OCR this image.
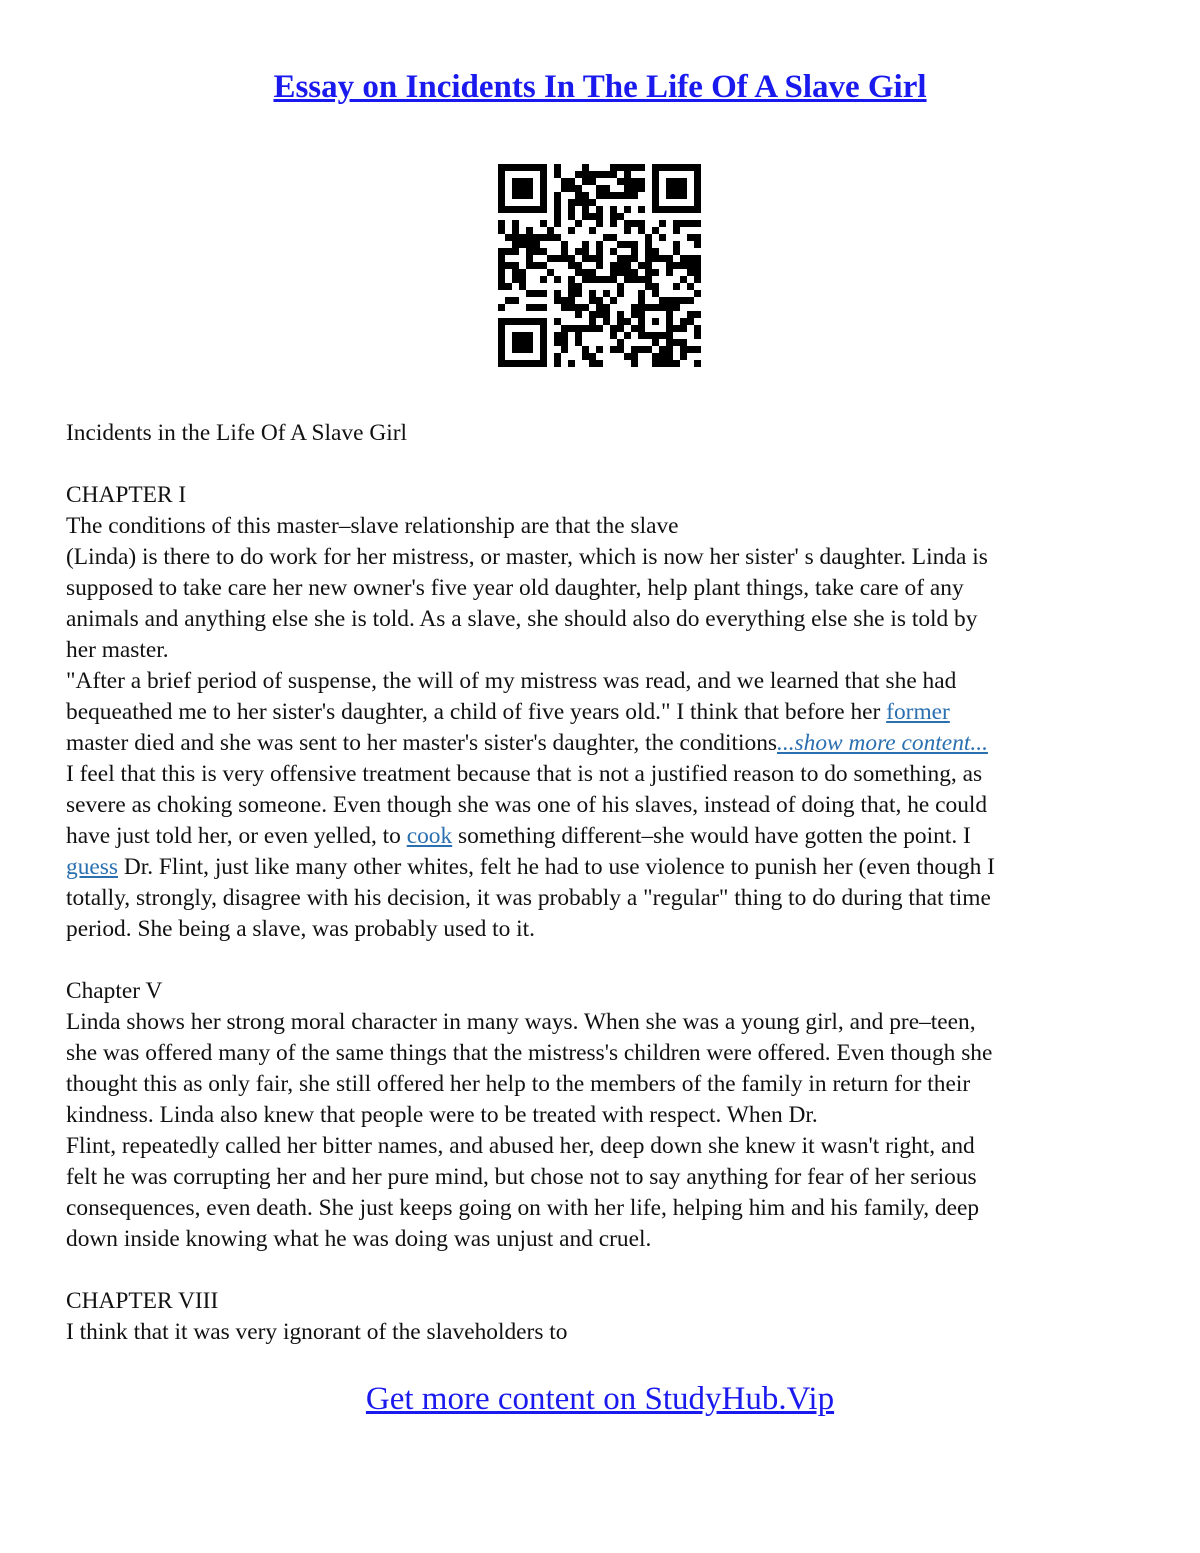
Essay on Incidents In The Life Of A Slave Girl
Incidents in the Life Of A Slave Girl
CHAPTER I
The conditions of this master–slave relationship are that the slave
(Linda) is there to do work for her mistress, or master, which is now her sister' s daughter. Linda is
supposed to take care her new owner's five year old daughter, help plant things, take care of any
animals and anything else she is told. As a slave, she should also do everything else she is told by
her master.
"After a brief period of suspense, the will of my mistress was read, and we learned that she had
bequeathed me to her sister's daughter, a child of five years old." I think that before her former
master died and she was sent to her master's sister's daughter, the conditions...show more content...
I feel that this is very offensive treatment because that is not a justified reason to do something, as
severe as choking someone. Even though she was one of his slaves, instead of doing that, he could
have just told her, or even yelled, to cook something different–she would have gotten the point. I
guess Dr. Flint, just like many other whites, felt he had to use violence to punish her (even though I
totally, strongly, disagree with his decision, it was probably a "regular" thing to do during that time
period. She being a slave, was probably used to it.
Chapter V
Linda shows her strong moral character in many ways. When she was a young girl, and pre–teen,
she was offered many of the same things that the mistress's children were offered. Even though she
thought this as only fair, she still offered her help to the members of the family in return for their
kindness. Linda also knew that people were to be treated with respect. When Dr.
Flint, repeatedly called her bitter names, and abused her, deep down she knew it wasn't right, and
felt he was corrupting her and her pure mind, but chose not to say anything for fear of her serious
consequences, even death. She just keeps going on with her life, helping him and his family, deep
down inside knowing what he was doing was unjust and cruel.
CHAPTER VIII
I think that it was very ignorant of the slaveholders to
Get more content on StudyHub.Vip
